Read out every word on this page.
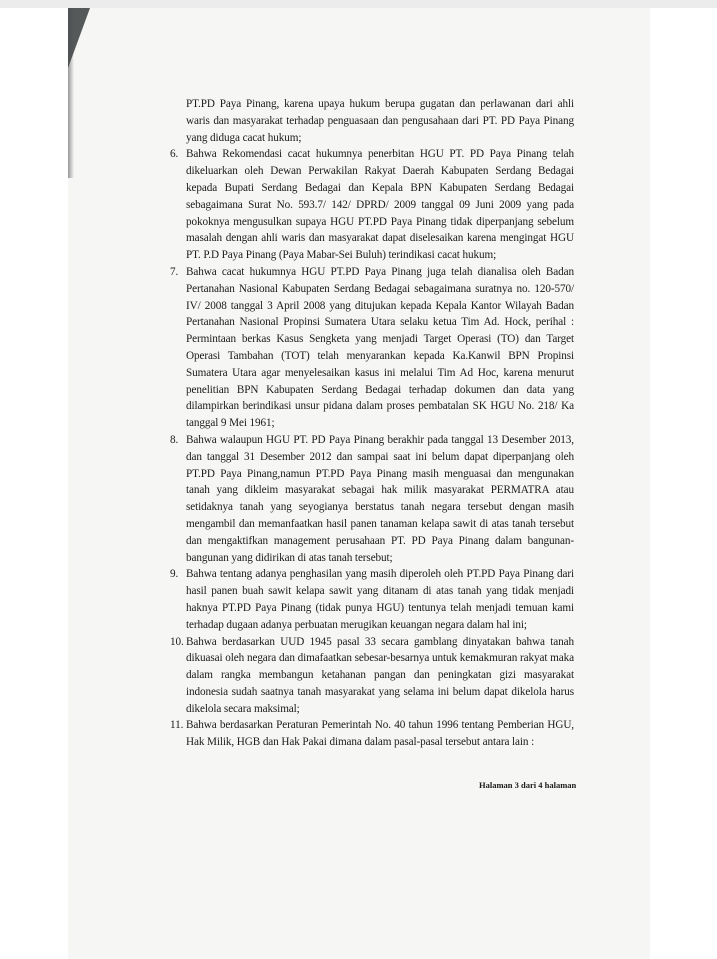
PT.PD Paya Pinang, karena upaya hukum berupa gugatan dan perlawanan dari ahli waris dan masyarakat terhadap penguasaan dan pengusahaan dari PT. PD Paya Pinang yang diduga cacat hukum;

6. Bahwa Rekomendasi cacat hukumnya penerbitan HGU PT. PD Paya Pinang telah dikeluarkan oleh Dewan Perwakilan Rakyat Daerah Kabupaten Serdang Bedagai kepada Bupati Serdang Bedagai dan Kepala BPN Kabupaten Serdang Bedagai sebagaimana Surat No. 593.7/ 142/ DPRD/ 2009 tanggal 09 Juni 2009 yang pada pokoknya mengusulkan supaya HGU PT.PD Paya Pinang tidak diperpanjang sebelum masalah dengan ahli waris dan masyarakat dapat diselesaikan karena mengingat HGU PT. P.D Paya Pinang (Paya Mabar-Sei Buluh) terindikasi cacat hukum;

7. Bahwa cacat hukumnya HGU PT.PD Paya Pinang juga telah dianalisa oleh Badan Pertanahan Nasional Kabupaten Serdang Bedagai sebagaimana suratnya no. 120-570/ IV/ 2008 tanggal 3 April 2008 yang ditujukan kepada Kepala Kantor Wilayah Badan Pertanahan Nasional Propinsi Sumatera Utara selaku ketua Tim Ad. Hock, perihal : Permintaan berkas Kasus Sengketa yang menjadi Target Operasi (TO) dan Target Operasi Tambahan (TOT) telah menyarankan kepada Ka.Kanwil BPN Propinsi Sumatera Utara agar menyelesaikan kasus ini melalui Tim Ad Hoc, karena menurut penelitian BPN Kabupaten Serdang Bedagai terhadap dokumen dan data yang dilampirkan berindikasi unsur pidana dalam proses pembatalan SK HGU No. 218/ Ka tanggal 9 Mei 1961;

8. Bahwa walaupun HGU PT. PD Paya Pinang berakhir pada tanggal 13 Desember 2013, dan tanggal 31 Desember 2012 dan sampai saat ini belum dapat diperpanjang oleh PT.PD Paya Pinang,namun PT.PD Paya Pinang masih menguasai dan mengunakan tanah yang dikleim masyarakat sebagai hak milik masyarakat PERMATRA atau setidaknya tanah yang seyogianya berstatus tanah negara tersebut dengan masih mengambil dan memanfaatkan hasil panen tanaman kelapa sawit di atas tanah tersebut dan mengaktifkan management perusahaan PT. PD Paya Pinang dalam bangunan-bangunan yang didirikan di atas tanah tersebut;

9. Bahwa tentang adanya penghasilan yang masih diperoleh oleh PT.PD Paya Pinang dari hasil panen buah sawit kelapa sawit yang ditanam di atas tanah yang tidak menjadi haknya PT.PD Paya Pinang (tidak punya HGU) tentunya telah menjadi temuan kami terhadap dugaan adanya perbuatan merugikan keuangan negara dalam hal ini;

10. Bahwa berdasarkan UUD 1945 pasal 33 secara gamblang dinyatakan bahwa tanah dikuasai oleh negara dan dimafaatkan sebesar-besarnya untuk kemakmuran rakyat maka dalam rangka membangun ketahanan pangan dan peningkatan gizi masyarakat indonesia sudah saatnya tanah masyarakat yang selama ini belum dapat dikelola harus dikelola secara maksimal;

11. Bahwa berdasarkan Peraturan Pemerintah No. 40 tahun 1996 tentang Pemberian HGU, Hak Milik, HGB dan Hak Pakai dimana dalam pasal-pasal tersebut antara lain :

Halaman 3 dari 4 halaman
